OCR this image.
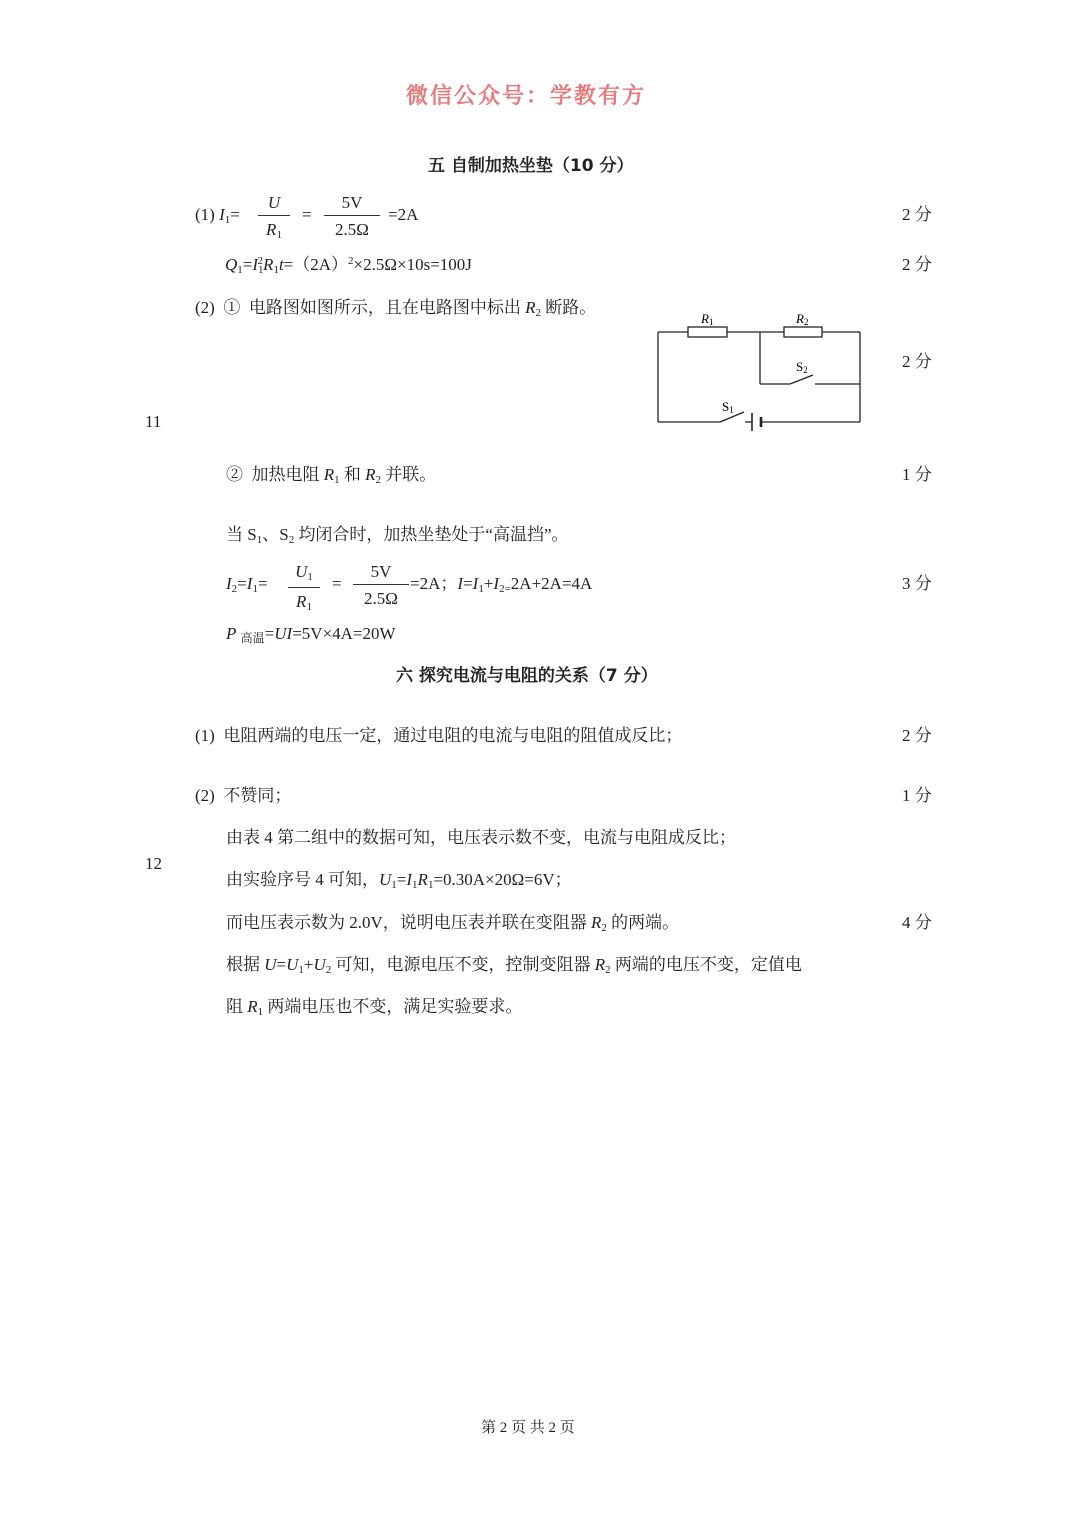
微信公众号：学教有方
五 自制加热坐垫（10 分）
(1) $I_1=$
U
$R_1$
=
5V
2.5Ω
=2A	2 分
$Q_1=I_1^2R_1t=(2A)^2\times 2.5\Omega\times 10s=100J$	2 分
(2) ① 电路图如图所示，且在电路图中标出 $R_2$ 断路。
2 分
11
R1	R2
S2
S1
② 加热电阻 $R_1$ 和 $R_2$ 并联。	1 分
当 $S_1$、$S_2$ 均闭合时，加热坐垫处于“高温挡”。
$I_2=I_1=$
$U_1$
$R_1$
=
5V
2.5Ω
=2A；$I=I_1+I_{2=}2A+2A=4A$	3 分
P $_{高温}$=UI=5V×4A=20W
六 探究电流与电阻的关系（7 分）
(1) 电阻两端的电压一定，通过电阻的电流与电阻的阻值成反比；	2 分
(2) 不赞同；	1 分
由表 4 第二组中的数据可知，电压表示数不变，电流与电阻成反比；
12
由实验序号 4 可知，$U_1=I_1R_1=0.30A\times 20\Omega=6V$；
而电压表示数为 2.0V，说明电压表并联在变阻器 $R_2$ 的两端。	4 分
根据 $U=U_1+U_2$ 可知，电源电压不变，控制变阻器 $R_2$ 两端的电压不变，定值电
阻 $R_1$ 两端电压也不变，满足实验要求。
第 2 页 共 2 页
